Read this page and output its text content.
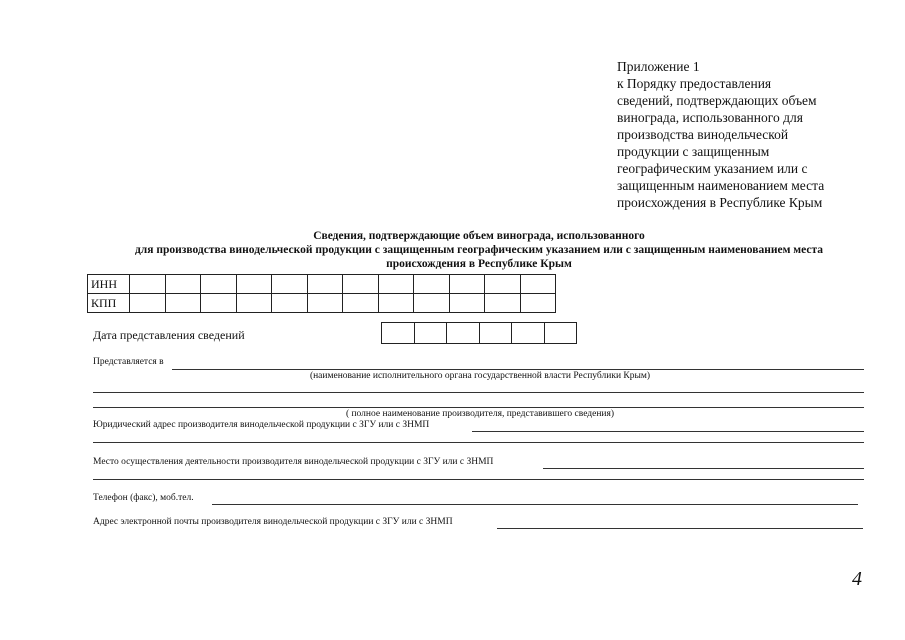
Приложение 1
к Порядку предоставления
сведений, подтверждающих объем
винограда, использованного для
производства винодельческой
продукции с защищенным
географическим указанием или с
защищенным наименованием места
происхождения в Республике Крым
Сведения, подтверждающие объем винограда, использованного
для производства винодельческой продукции с защищенным географическим указанием или с защищенным наименованием места
происхождения в Республике Крым
ИНН												
КПП												
Дата представления сведений

Представляется в
(наименование исполнительного органа государственной власти Республики Крым)
( полное наименование производителя, представившего сведения)
Юридический адрес производителя винодельческой продукции с ЗГУ или с ЗНМП
Место осуществления деятельности производителя винодельческой продукции с ЗГУ или с ЗНМП
Телефон (факс), моб.тел.
Адрес электронной почты производителя винодельческой продукции с ЗГУ или с ЗНМП
4
